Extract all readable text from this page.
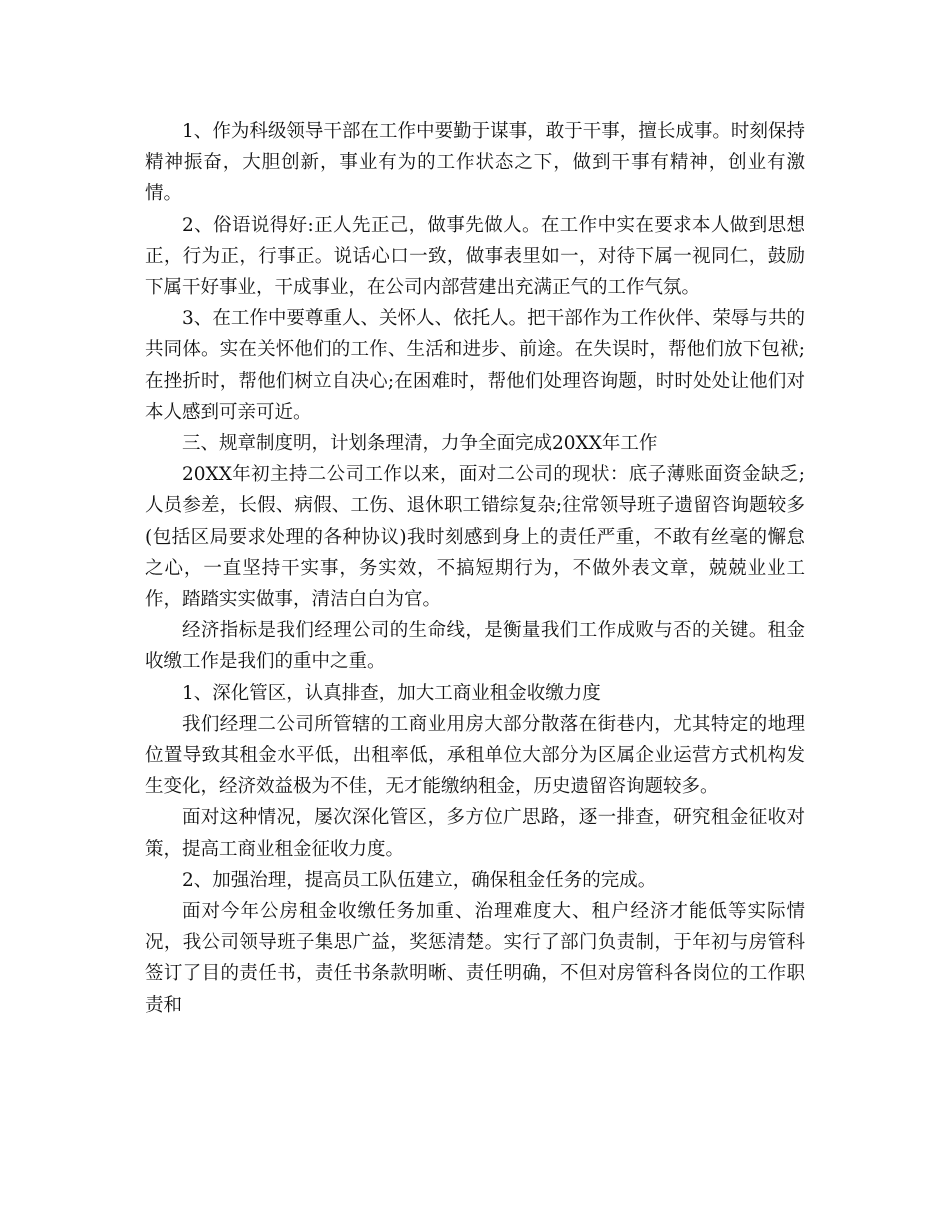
1、作为科级领导干部在工作中要勤于谋事，敢于干事，擅长成事。时刻保持精神振奋，大胆创新，事业有为的工作状态之下，做到干事有精神，创业有激情。

2、俗语说得好:正人先正己，做事先做人。在工作中实在要求本人做到思想正，行为正，行事正。说话心口一致，做事表里如一，对待下属一视同仁，鼓励下属干好事业，干成事业，在公司内部营建出充满正气的工作气氛。

3、在工作中要尊重人、关怀人、依托人。把干部作为工作伙伴、荣辱与共的共同体。实在关怀他们的工作、生活和进步、前途。在失误时，帮他们放下包袱;在挫折时，帮他们树立自决心;在困难时，帮他们处理咨询题，时时处处让他们对本人感到可亲可近。

三、规章制度明，计划条理清，力争全面完成20XX年工作

20XX年初主持二公司工作以来，面对二公司的现状：底子薄账面资金缺乏;人员参差，长假、病假、工伤、退休职工错综复杂;往常领导班子遗留咨询题较多(包括区局要求处理的各种协议)我时刻感到身上的责任严重，不敢有丝毫的懈怠之心，一直坚持干实事，务实效，不搞短期行为，不做外表文章，兢兢业业工作，踏踏实实做事，清洁白白为官。

经济指标是我们经理公司的生命线，是衡量我们工作成败与否的关键。租金收缴工作是我们的重中之重。

1、深化管区，认真排查，加大工商业租金收缴力度

我们经理二公司所管辖的工商业用房大部分散落在街巷内，尤其特定的地理位置导致其租金水平低，出租率低，承租单位大部分为区属企业运营方式机构发生变化，经济效益极为不佳，无才能缴纳租金，历史遗留咨询题较多。

面对这种情况，屡次深化管区，多方位广思路，逐一排查，研究租金征收对策，提高工商业租金征收力度。

2、加强治理，提高员工队伍建立，确保租金任务的完成。

面对今年公房租金收缴任务加重、治理难度大、租户经济才能低等实际情况，我公司领导班子集思广益，奖惩清楚。实行了部门负责制，于年初与房管科签订了目的责任书，责任书条款明晰、责任明确，不但对房管科各岗位的工作职责和
